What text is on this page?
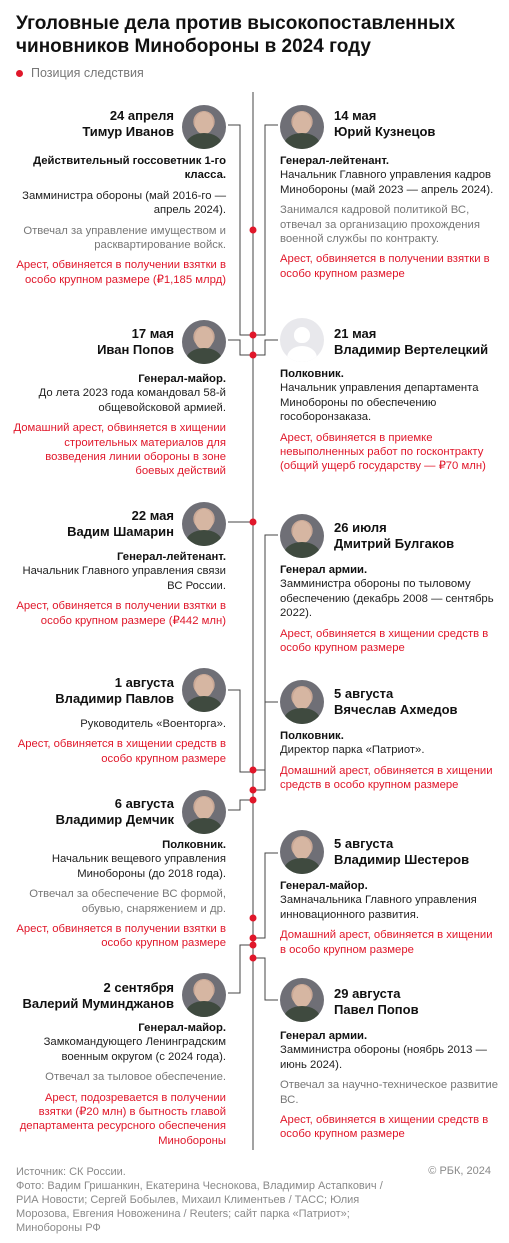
Уголовные дела против высокопоставленных чиновников Минобороны в 2024 году
Позиция следствия
24 апреля
Тимур Иванов
Действительный госсоветник 1-го класса.
Замминистра обороны (май 2016-го — апрель 2024).
Отвечал за управление имуществом и расквартирование войск.
Арест, обвиняется в получении взятки в особо крупном размере (₽1,185 млрд)
17 мая
Иван Попов
Генерал-майор.
До лета 2023 года командовал 58-й общевойсковой армией.
Домашний арест, обвиняется в хищении строительных материалов для возведения линии обороны в зоне боевых действий
22 мая
Вадим Шамарин
Генерал-лейтенант.
Начальник Главного управления связи ВС России.
Арест, обвиняется в получении взятки в особо крупном размере (₽442 млн)
1 августа
Владимир Павлов
Руководитель «Военторга».
Арест, обвиняется в хищении средств в особо крупном размере
6 августа
Владимир Демчик
Полковник.
Начальник вещевого управления Минобороны (до 2018 года).
Отвечал за обеспечение ВС формой, обувью, снаряжением и др.
Арест, обвиняется в получении взятки в особо крупном размере
2 сентября
Валерий Муминджанов
Генерал-майор.
Замкомандующего Ленинградским военным округом (с 2024 года).
Отвечал за тыловое обеспечение.
Арест, подозревается в получении взятки (₽20 млн) в бытность главой департамента ресурсного обеспечения Минобороны
14 мая
Юрий Кузнецов
Генерал-лейтенант.
Начальник Главного управления кадров Минобороны (май 2023 — апрель 2024).
Занимался кадровой политикой ВС, отвечал за организацию прохождения военной службы по контракту.
Арест, обвиняется в получении взятки в особо крупном размере
21 мая
Владимир Вертелецкий
Полковник.
Начальник управления департамента Минобороны по обеспечению гособоронзаказа.
Арест, обвиняется в приемке невыполненных работ по госконтракту (общий ущерб государству — ₽70 млн)
26 июля
Дмитрий Булгаков
Генерал армии.
Замминистра обороны по тыловому обеспечению (декабрь 2008 — сентябрь 2022).
Арест, обвиняется в хищении средств в особо крупном размере
5 августа
Вячеслав Ахмедов
Полковник.
Директор парка «Патриот».
Домашний арест, обвиняется в хищении средств в особо крупном размере
5 августа
Владимир Шестеров
Генерал-майор.
Замначальника Главного управления инновационного развития.
Домашний арест, обвиняется в хищении в особо крупном размере
29 августа
Павел Попов
Генерал армии.
Замминистра обороны (ноябрь 2013 — июнь 2024).
Отвечал за научно-техническое развитие ВС.
Арест, обвиняется в хищении средств в особо крупном размере
Источник: СК России.
Фото: Вадим Гришанкин, Екатерина Чеснокова, Владимир Астапкович / РИА Новости; Сергей Бобылев, Михаил Климентьев / ТАСС; Юлия Морозова, Евгения Новоженина / Reuters; сайт парка «Патриот»; Минобороны РФ
© РБК, 2024
